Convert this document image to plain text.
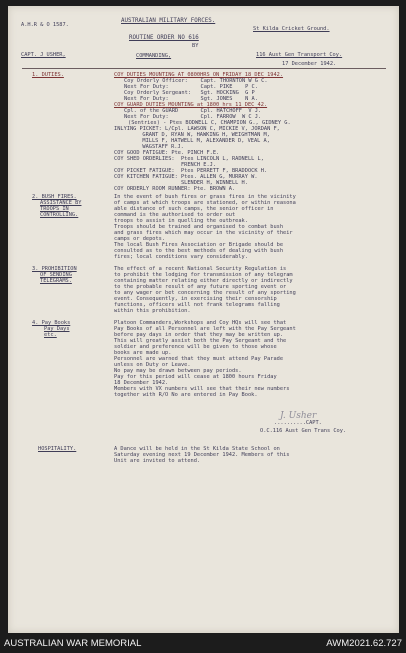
A.H.R & O 1587.
AUSTRALIAN MILITARY FORCES.
St Kilda Cricket Ground.
ROUTINE ORDER NO 616
BY
CAPT. J USHER,	COMMANDING,	116 Aust Gen Transport Coy.
17 December 1942.
1. DUTIES.	COY DUTIES MOUNTING AT 0800HRS ON FRIDAY 18 DEC 1942.
Coy Orderly Officer:    Capt. THORNTON W G C.
Next For Duty:          Capt. PIKE    P C.
Coy Orderly Sergeant:   Sgt. HOCKING  G P
Next For Duty:          Sgt. JONES    N A.
COY GUARD DUTIES MOUNTING at 1800 hrs 11 DEC 42.
Cpl. of the GUARD       Cpl. HATCHOFF  V J.
Next For Duty:          Cpl. FARROW  W C J.
(Sentries) - Ptes BODWELL C, CHAMPION G., GIDNEY G.
INLYING PICKET: L/Cpl. LAWSON C, MICKIE V, JORDAN F,
GRANT D, RYAN W, HAWKING H, WEIGHTMAN M,
MILLS F, HATWELL M, ALEXANDER D, VEAL A,
WAGSTAFF R.J.
COY GOOD FATIGUE: Pte. PINCH F.E.
COY SHED ORDERLIES:  Ptes LINCOLN L, RADNELL L,
FRENCH E.J.
COY PICKET FATIGUE:  Ptes PERRETT F, BRADDOCK H.
COY KITCHEN FATIGUE: Ptes. ALLEN G, MURRAY W.
SLENDER H, WINNELL H.
COY ORDERLY ROOM RUNNER: Pte. BROWN A.
2. BUSH FIRES.
ASSISTANCE BY
TROOPS IN
CONTROLLING.
In the event of bush fires or grass fires in the vicinity
of camps at which troops are stationed, or within reasona
able distance of such camps, the senior officer in
command is the authorised to order out
troops to assist in quelling the outbreak.
Troops should be trained and organised to combat bush
and grass fires which may occur in the vicinity of their
camps or depots.
The local Bush Fires Association or Brigade should be
consulted as to the best methods of dealing with bush
fires; local conditions vary considerably.
3. PROHIBITION
OF SENDING
TELEGRAMS.
The effect of a recent National Security Regulation is
to prohibit the lodging for transmission of any telegram
containing matter relating either directly or indirectly
to the probable result of any future sporting event or
to any wager or bet concerning the result of any sporting
event. Consequently, in exercising their censorship
functions, officers will not frank telegrams falling
within this prohibition.
4. Pay Books
Pay Days
etc.
Platoon Commanders,Workshops and Coy HQs will see that
Pay Books of all Personnel are left with the Pay Sergeant
before pay days in order that they may be written up.
This will greatly assist both the Pay Sergeant and the
soldier and preference will be given to those whose
books are made up.
Personnel are warned that they must attend Pay Parade
unless on Duty or Leave.
No pay may be drawn between pay periods.
Pay for this period will cease at 1800 hours Friday
18 December 1942.
Members with VX numbers will see that their new numbers
together with R/O No are entered in Pay Book.
J. Usher
..........CAPT.
O.C.116 Aust Gen Trans Coy.
HOSPITALITY.	A Dance will be held in the St Kilda State School on
Saturday evening next 19 December 1942. Members of this
Unit are invited to attend.
AUSTRALIAN WAR MEMORIAL	AWM2021.62.727
